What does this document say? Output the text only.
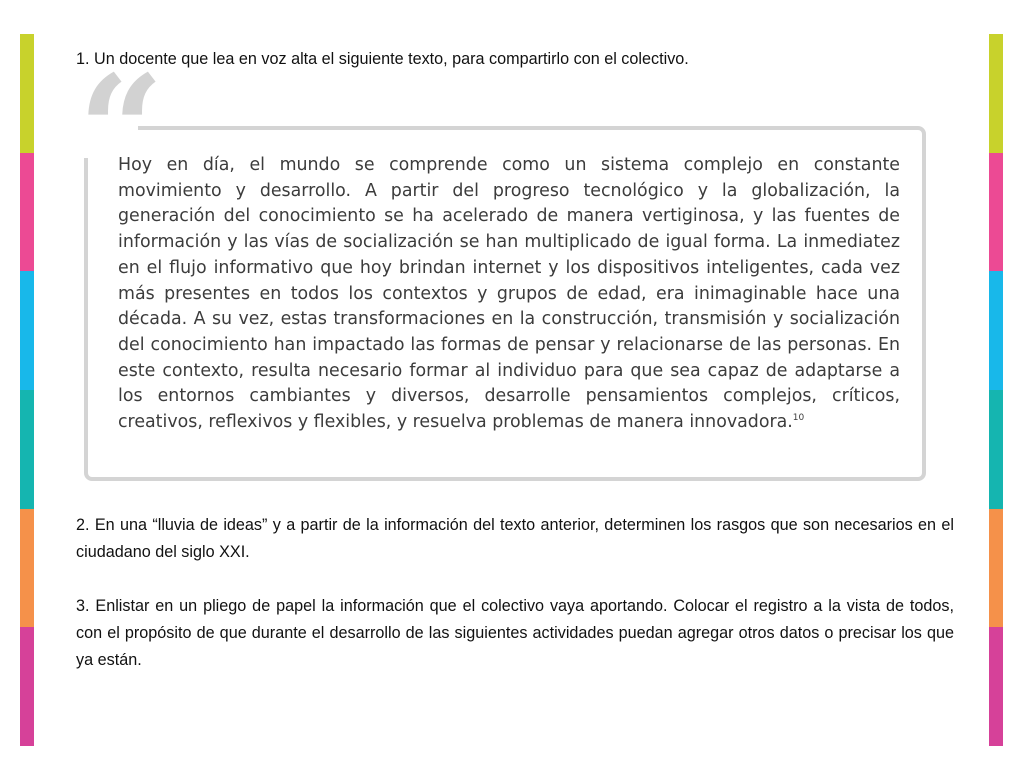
1. Un docente que lea en voz alta el siguiente texto, para compartirlo con el colectivo.
“
Hoy en día, el mundo se comprende como un sistema complejo en constante movimiento y desarrollo. A partir del progreso tecnológico y la globalización, la generación del conocimiento se ha acelerado de manera vertiginosa, y las fuentes de información y las vías de socialización se han multiplicado de igual forma. La inmediatez en el flujo informativo que hoy brindan internet y los dispositivos inteligentes, cada vez más presentes en todos los contextos y grupos de edad, era inimaginable hace una década. A su vez, estas transformaciones en la construcción, transmisión y socialización del conocimiento han impactado las formas de pensar y relacionarse de las personas. En este contexto, resulta necesario formar al individuo para que sea capaz de adaptarse a los entornos cambiantes y diversos, desarrolle pensamientos complejos, críticos, creativos, reflexivos y flexibles, y resuelva problemas de manera innovadora.$^{10}$
2. En una “lluvia de ideas” y a partir de la información del texto anterior, determinen los rasgos que son necesarios en el ciudadano del siglo XXI.
3. Enlistar en un pliego de papel la información que el colectivo vaya aportando. Colocar el registro a la vista de todos, con el propósito de que durante el desarrollo de las siguientes actividades puedan agregar otros datos o precisar los que ya están.
